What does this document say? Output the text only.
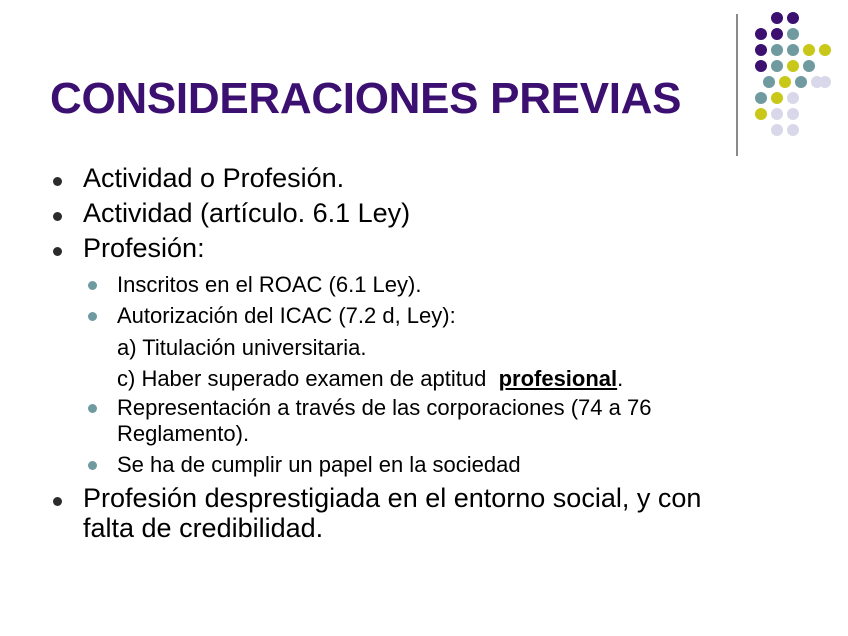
CONSIDERACIONES PREVIAS
Actividad o Profesión.
Actividad (artículo. 6.1 Ley)
Profesión:
Inscritos en el ROAC (6.1 Ley).
Autorización del ICAC (7.2 d, Ley):
a) Titulación universitaria.
c) Haber superado examen de aptitud  profesional.
Representación a través de las corporaciones (74 a 76
Reglamento).
Se ha de cumplir un papel en la sociedad
Profesión desprestigiada en el entorno social, y con
falta de credibilidad.
